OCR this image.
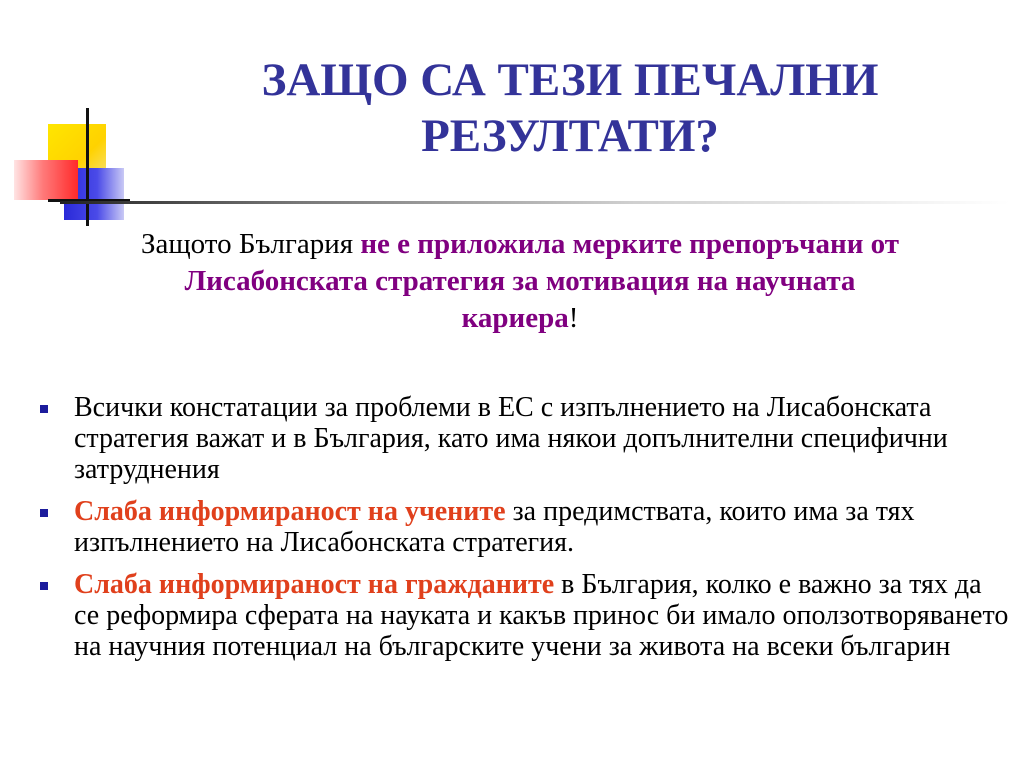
ЗАЩО СА ТЕЗИ ПЕЧАЛНИ РЕЗУЛТАТИ?
Защото България не е приложила мерките препоръчани от Лисабонската стратегия за мотивация на научната кариера!
Всички констатации за проблеми в ЕС с изпълнението на Лисабонската стратегия важат и в България, като има някои допълнителни специфични затруднения
Слаба информираност на учените за предимствата, които има за тях изпълнението на Лисабонската стратегия.
Слаба информираност на гражданите в България, колко е важно за тях да се реформира сферата на науката и какъв принос би имало оползотворяването на научния потенциал на българските учени за живота на всеки българин
